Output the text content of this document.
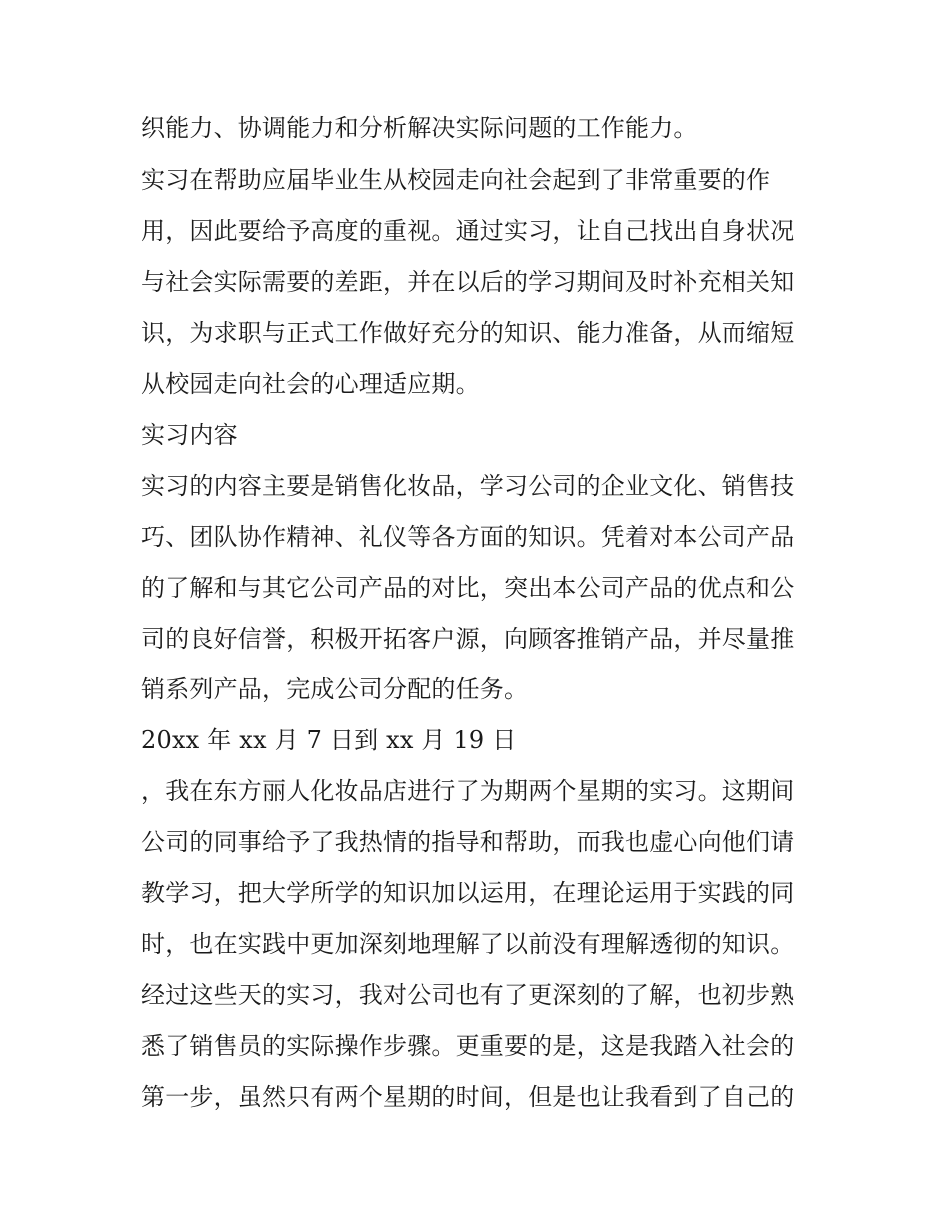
织能力、协调能力和分析解决实际问题的工作能力。
实习在帮助应届毕业生从校园走向社会起到了非常重要的作
用，因此要给予高度的重视。通过实习，让自己找出自身状况
与社会实际需要的差距，并在以后的学习期间及时补充相关知
识，为求职与正式工作做好充分的知识、能力准备，从而缩短
从校园走向社会的心理适应期。
实习内容
实习的内容主要是销售化妆品，学习公司的企业文化、销售技
巧、团队协作精神、礼仪等各方面的知识。凭着对本公司产品
的了解和与其它公司产品的对比，突出本公司产品的优点和公
司的良好信誉，积极开拓客户源，向顾客推销产品，并尽量推
销系列产品，完成公司分配的任务。
20xx 年 xx 月 7 日到 xx 月 19 日
，我在东方丽人化妆品店进行了为期两个星期的实习。这期间
公司的同事给予了我热情的指导和帮助，而我也虚心向他们请
教学习，把大学所学的知识加以运用，在理论运用于实践的同
时，也在实践中更加深刻地理解了以前没有理解透彻的知识。
经过这些天的实习，我对公司也有了更深刻的了解，也初步熟
悉了销售员的实际操作步骤。更重要的是，这是我踏入社会的
第一步，虽然只有两个星期的时间，但是也让我看到了自己的
